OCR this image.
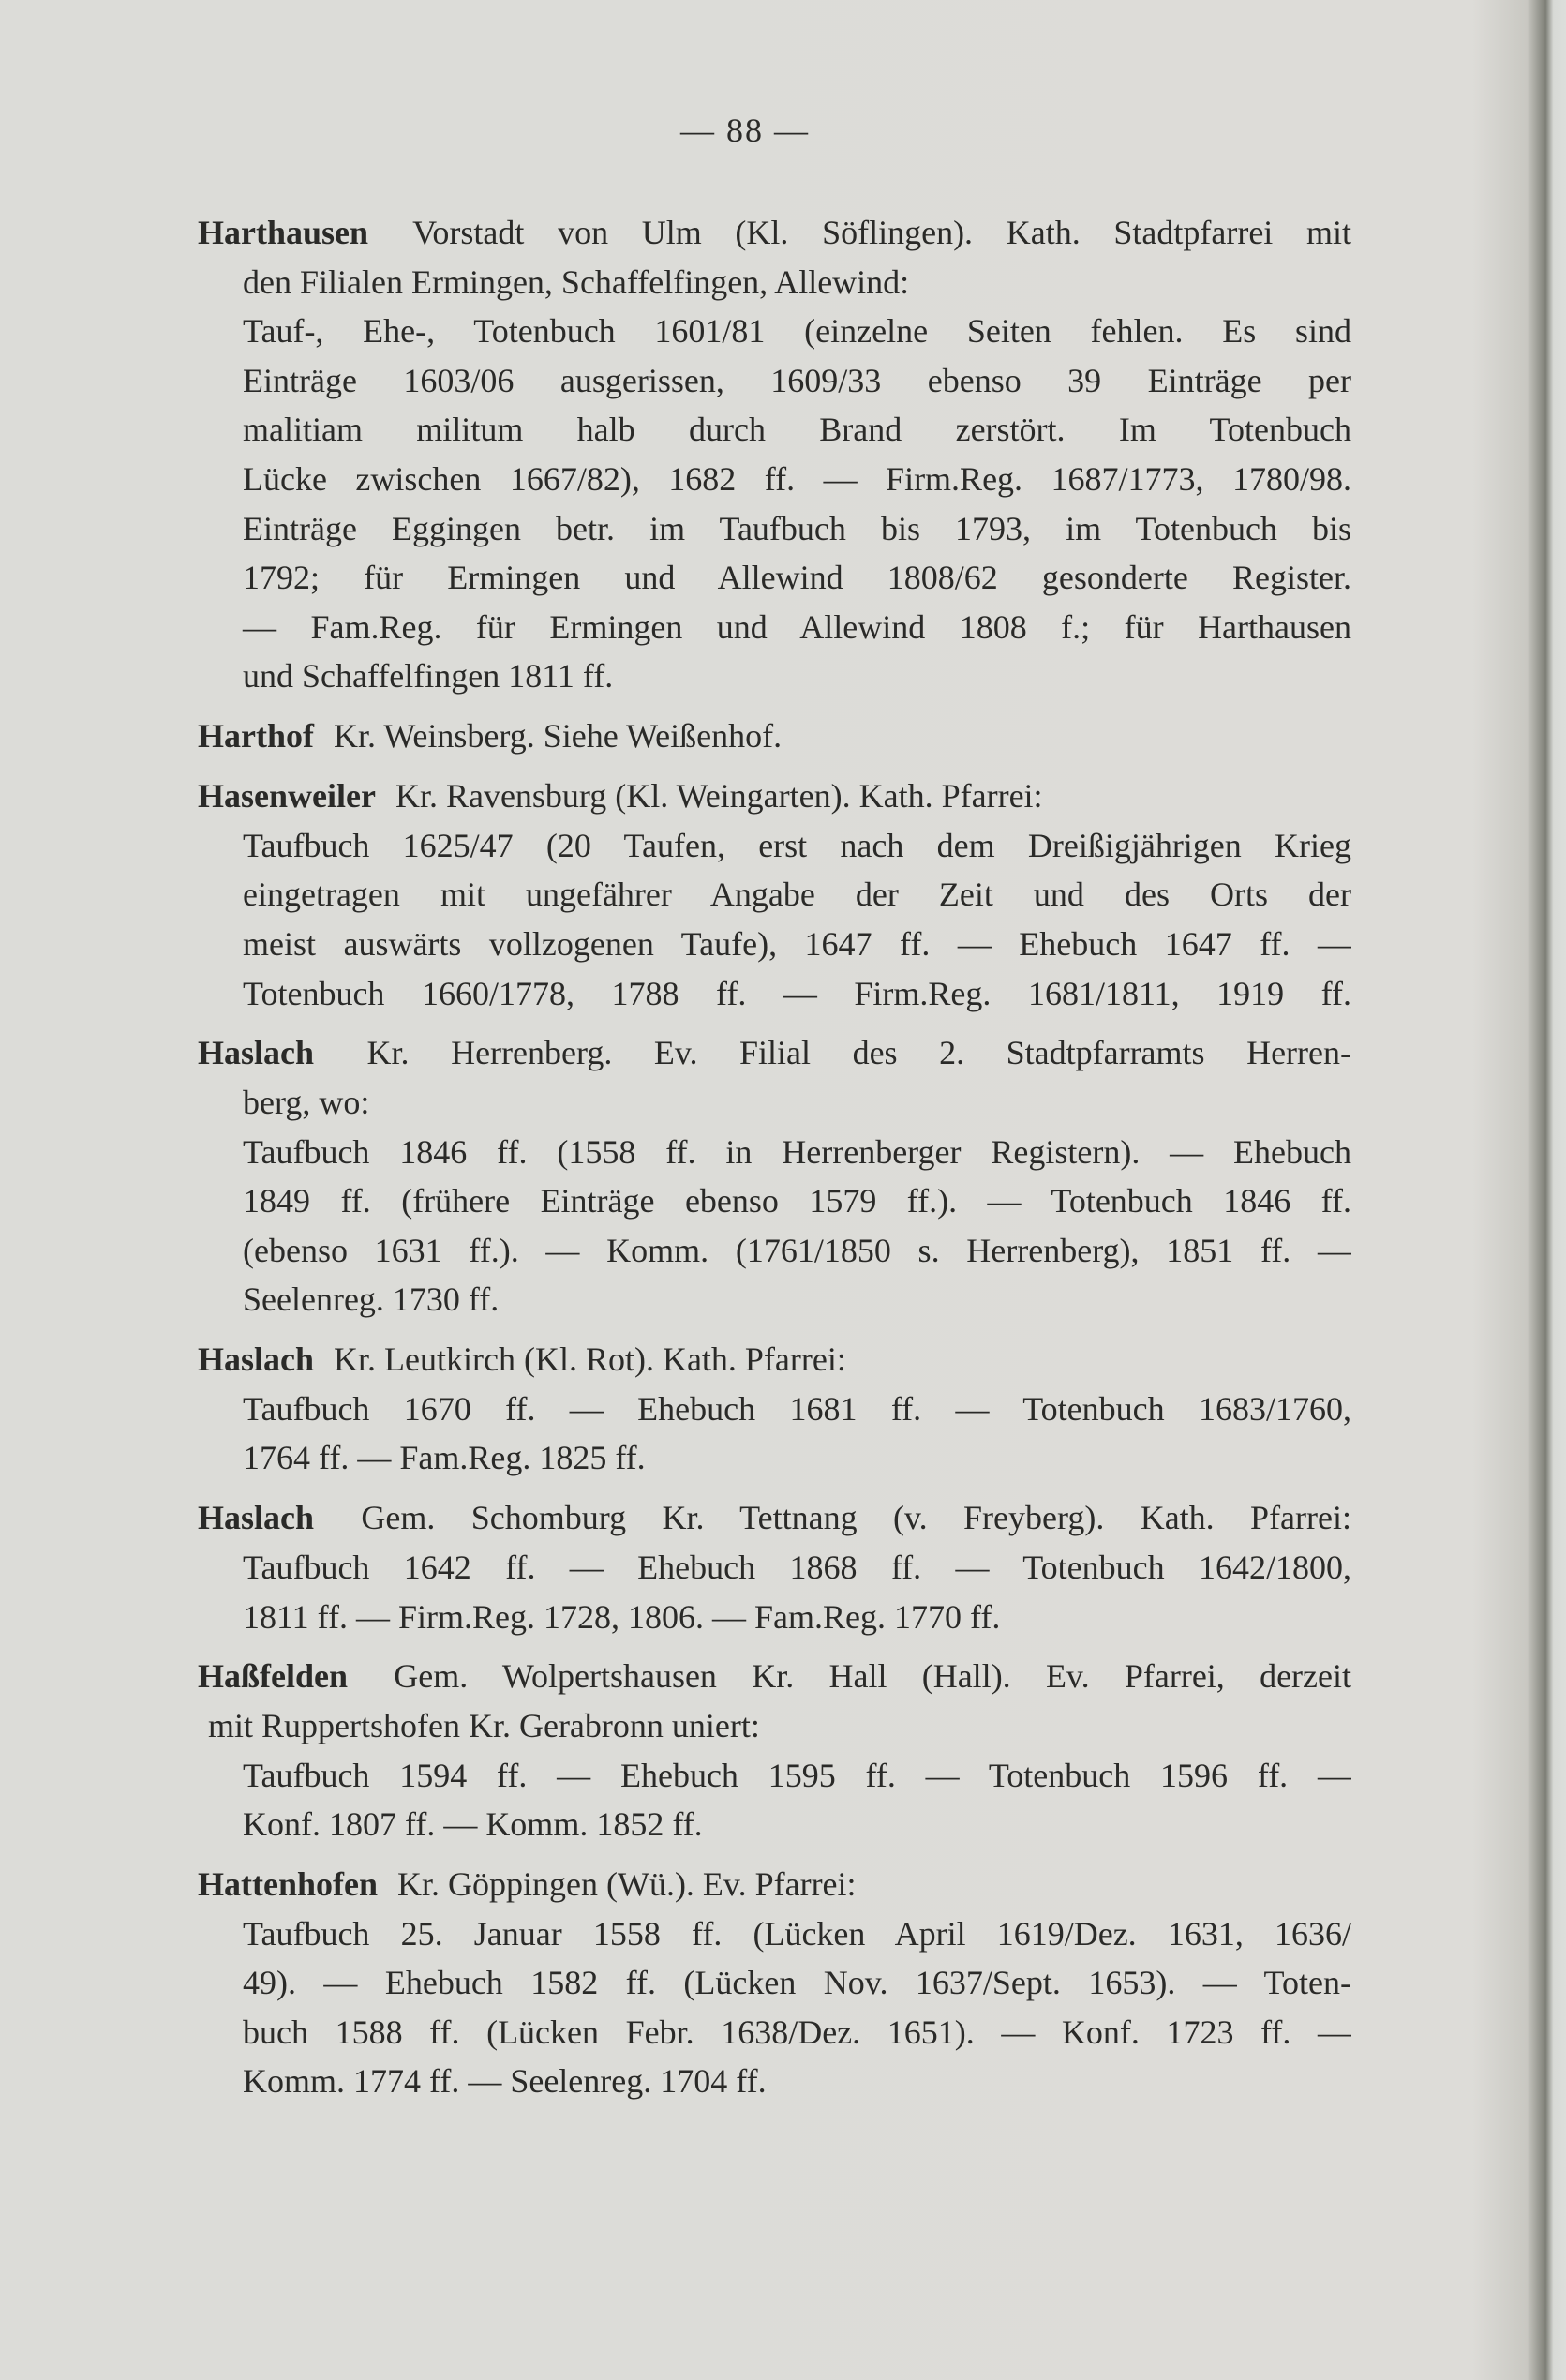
— 88 —
Harthausen Vorstadt von Ulm (Kl. Söflingen). Kath. Stadtpfarrei mit
den Filialen Ermingen, Schaffelfingen, Allewind:
Tauf-, Ehe-, Totenbuch 1601/81 (einzelne Seiten fehlen. Es sind
Einträge 1603/06 ausgerissen, 1609/33 ebenso 39 Einträge per
malitiam militum halb durch Brand zerstört. Im Totenbuch
Lücke zwischen 1667/82), 1682 ff. — Firm.Reg. 1687/1773, 1780/98.
Einträge Eggingen betr. im Taufbuch bis 1793, im Totenbuch bis
1792; für Ermingen und Allewind 1808/62 gesonderte Register.
— Fam.Reg. für Ermingen und Allewind 1808 f.; für Harthausen
und Schaffelfingen 1811 ff.
Harthof Kr. Weinsberg. Siehe Weißenhof.
Hasenweiler Kr. Ravensburg (Kl. Weingarten). Kath. Pfarrei:
Taufbuch 1625/47 (20 Taufen, erst nach dem Dreißigjährigen Krieg
eingetragen mit ungefährer Angabe der Zeit und des Orts der
meist auswärts vollzogenen Taufe), 1647 ff. — Ehebuch 1647 ff. —
Totenbuch 1660/1778, 1788 ff. — Firm.Reg. 1681/1811, 1919 ff.
Haslach Kr. Herrenberg. Ev. Filial des 2. Stadtpfarramts Herren-
berg, wo:
Taufbuch 1846 ff. (1558 ff. in Herrenberger Registern). — Ehebuch
1849 ff. (frühere Einträge ebenso 1579 ff.). — Totenbuch 1846 ff.
(ebenso 1631 ff.). — Komm. (1761/1850 s. Herrenberg), 1851 ff. —
Seelenreg. 1730 ff.
Haslach Kr. Leutkirch (Kl. Rot). Kath. Pfarrei:
Taufbuch 1670 ff. — Ehebuch 1681 ff. — Totenbuch 1683/1760,
1764 ff. — Fam.Reg. 1825 ff.
Haslach Gem. Schomburg Kr. Tettnang (v. Freyberg). Kath. Pfarrei:
Taufbuch 1642 ff. — Ehebuch 1868 ff. — Totenbuch 1642/1800,
1811 ff. — Firm.Reg. 1728, 1806. — Fam.Reg. 1770 ff.
Haßfelden Gem. Wolpertshausen Kr. Hall (Hall). Ev. Pfarrei, derzeit
mit Ruppertshofen Kr. Gerabronn uniert:
Taufbuch 1594 ff. — Ehebuch 1595 ff. — Totenbuch 1596 ff. —
Konf. 1807 ff. — Komm. 1852 ff.
Hattenhofen Kr. Göppingen (Wü.). Ev. Pfarrei:
Taufbuch 25. Januar 1558 ff. (Lücken April 1619/Dez. 1631, 1636/
49). — Ehebuch 1582 ff. (Lücken Nov. 1637/Sept. 1653). — Toten-
buch 1588 ff. (Lücken Febr. 1638/Dez. 1651). — Konf. 1723 ff. —
Komm. 1774 ff. — Seelenreg. 1704 ff.
